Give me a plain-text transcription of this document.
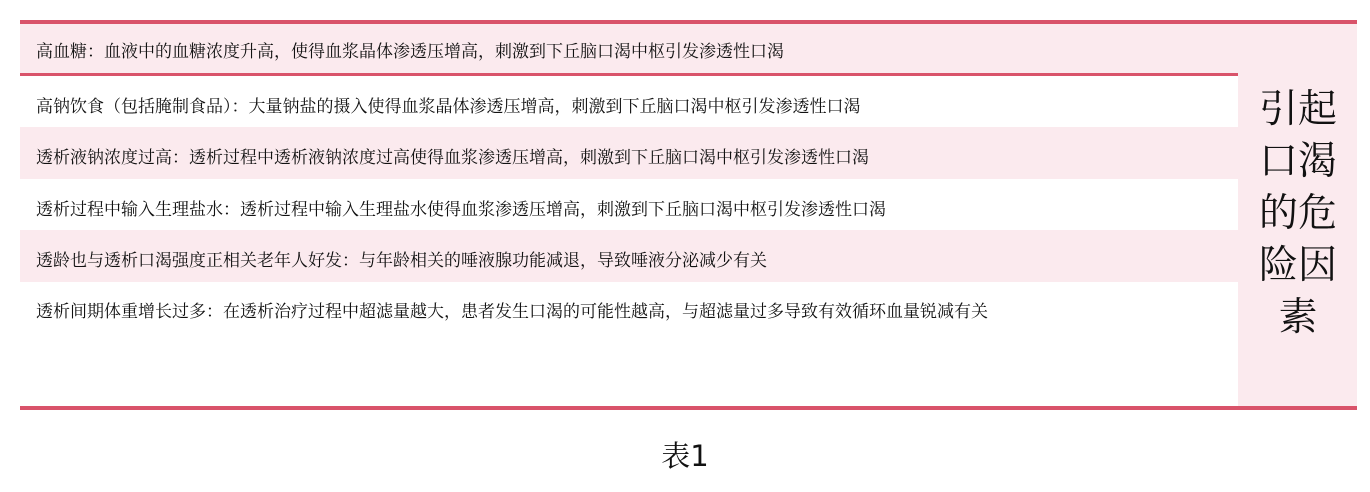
高血糖：血液中的血糖浓度升高，使得血浆晶体渗透压增高，刺激到下丘脑口渴中枢引发渗透性口渴
高钠饮食（包括腌制食品）：大量钠盐的摄入使得血浆晶体渗透压增高，刺激到下丘脑口渴中枢引发渗透性口渴
透析液钠浓度过高：透析过程中透析液钠浓度过高使得血浆渗透压增高，刺激到下丘脑口渴中枢引发渗透性口渴
透析过程中输入生理盐水：透析过程中输入生理盐水使得血浆渗透压增高，刺激到下丘脑口渴中枢引发渗透性口渴
透龄也与透析口渴强度正相关老年人好发：与年龄相关的唾液腺功能减退，导致唾液分泌减少有关
透析间期体重增长过多：在透析治疗过程中超滤量越大，患者发生口渴的可能性越高，与超滤量过多导致有效循环血量锐减有关
引起口渴的危险因素
表1
